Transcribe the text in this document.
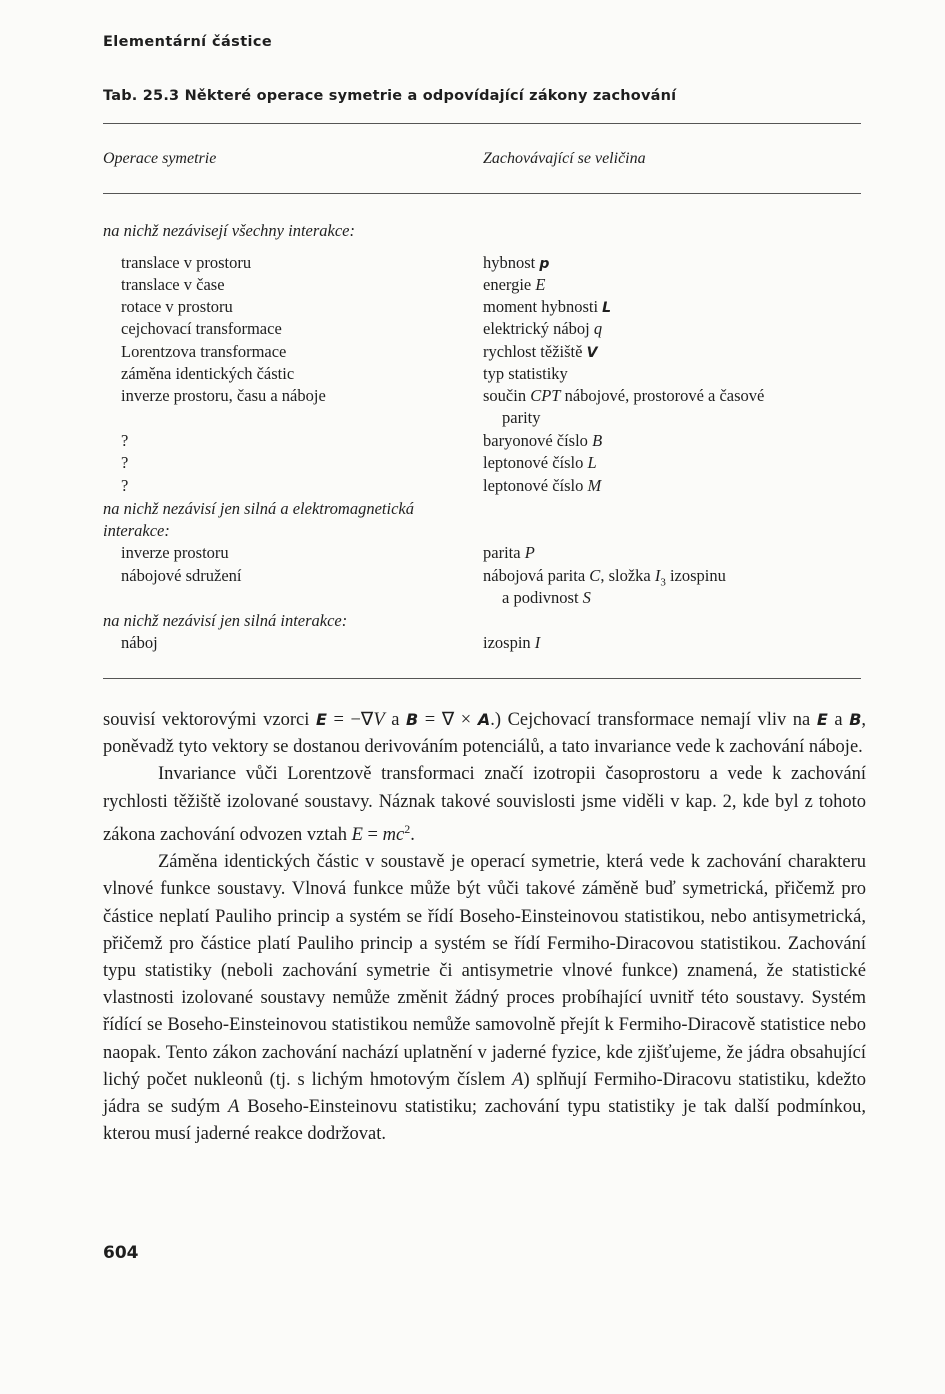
Elementární částice
Tab. 25.3 Některé operace symetrie a odpovídající zákony zachování
Operace symetrie	Zachovávající se veličina
na nichž nezávisejí všechny interakce:
translace v prostoru	hybnost p
translace v čase	energie E
rotace v prostoru	moment hybnosti L
cejchovací transformace	elektrický náboj q
Lorentzova transformace	rychlost těžiště V
záměna identických částic	typ statistiky
inverze prostoru, času a náboje	součin CPT nábojové, prostorové a časové
parity
?	baryonové číslo B
?	leptonové číslo L
?	leptonové číslo M
na nichž nezávisí jen silná a elektromagnetická
interakce:
inverze prostoru	parita P
nábojové sdružení	nábojová parita C, složka $I_3$ izospinu
a podivnost S
na nichž nezávisí jen silná interakce:
náboj	izospin I

souvisí vektorovými vzorci E = −∇V a B = ∇ × A.) Cejchovací transformace nemají vliv na E a B, poněvadž tyto vektory se dostanou derivováním potenciálů, a tato invariance vede k zachování náboje.

Invariance vůči Lorentzově transformaci značí izotropii časoprostoru a vede k zachování rychlosti těžiště izolované soustavy. Náznak takové souvislosti jsme viděli v kap. 2, kde byl z tohoto zákona zachování odvozen vztah $E = mc^2$.

Záměna identických částic v soustavě je operací symetrie, která vede k zachování charakteru vlnové funkce soustavy. Vlnová funkce může být vůči takové záměně buď symetrická, přičemž pro částice neplatí Pauliho princip a systém se řídí Boseho-Einsteinovou statistikou, nebo antisymetrická, přičemž pro částice platí Pauliho princip a systém se řídí Fermiho-Diracovou statistikou. Zachování typu statistiky (neboli zachování symetrie či antisymetrie vlnové funkce) znamená, že statistické vlastnosti izolované soustavy nemůže změnit žádný proces probíhající uvnitř této soustavy. Systém řídící se Boseho-Einsteinovou statistikou nemůže samovolně přejít k Fermiho-Diracově statistice nebo naopak. Tento zákon zachování nachází uplatnění v jaderné fyzice, kde zjišťujeme, že jádra obsahující lichý počet nukleonů (tj. s lichým hmotovým číslem A) splňují Fermiho-Diracovu statistiku, kdežto jádra se sudým A Boseho-Einsteinovu statistiku; zachování typu statistiky je tak další podmínkou, kterou musí jaderné reakce dodržovat.

604
